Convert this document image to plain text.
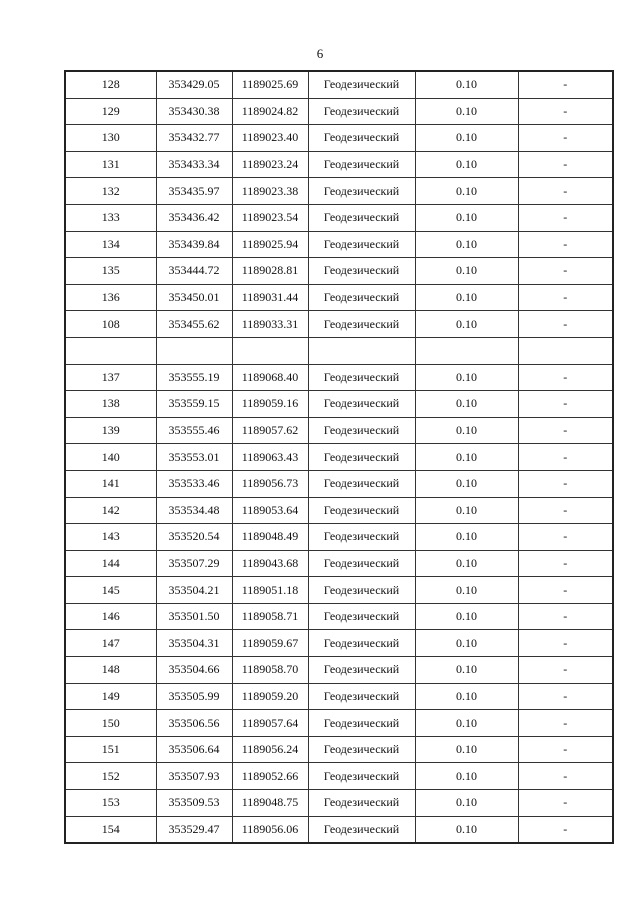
6
128	353429.05	1189025.69	Геодезический	0.10	-
129	353430.38	1189024.82	Геодезический	0.10	-
130	353432.77	1189023.40	Геодезический	0.10	-
131	353433.34	1189023.24	Геодезический	0.10	-
132	353435.97	1189023.38	Геодезический	0.10	-
133	353436.42	1189023.54	Геодезический	0.10	-
134	353439.84	1189025.94	Геодезический	0.10	-
135	353444.72	1189028.81	Геодезический	0.10	-
136	353450.01	1189031.44	Геодезический	0.10	-
108	353455.62	1189033.31	Геодезический	0.10	-

137	353555.19	1189068.40	Геодезический	0.10	-
138	353559.15	1189059.16	Геодезический	0.10	-
139	353555.46	1189057.62	Геодезический	0.10	-
140	353553.01	1189063.43	Геодезический	0.10	-
141	353533.46	1189056.73	Геодезический	0.10	-
142	353534.48	1189053.64	Геодезический	0.10	-
143	353520.54	1189048.49	Геодезический	0.10	-
144	353507.29	1189043.68	Геодезический	0.10	-
145	353504.21	1189051.18	Геодезический	0.10	-
146	353501.50	1189058.71	Геодезический	0.10	-
147	353504.31	1189059.67	Геодезический	0.10	-
148	353504.66	1189058.70	Геодезический	0.10	-
149	353505.99	1189059.20	Геодезический	0.10	-
150	353506.56	1189057.64	Геодезический	0.10	-
151	353506.64	1189056.24	Геодезический	0.10	-
152	353507.93	1189052.66	Геодезический	0.10	-
153	353509.53	1189048.75	Геодезический	0.10	-
154	353529.47	1189056.06	Геодезический	0.10	-
